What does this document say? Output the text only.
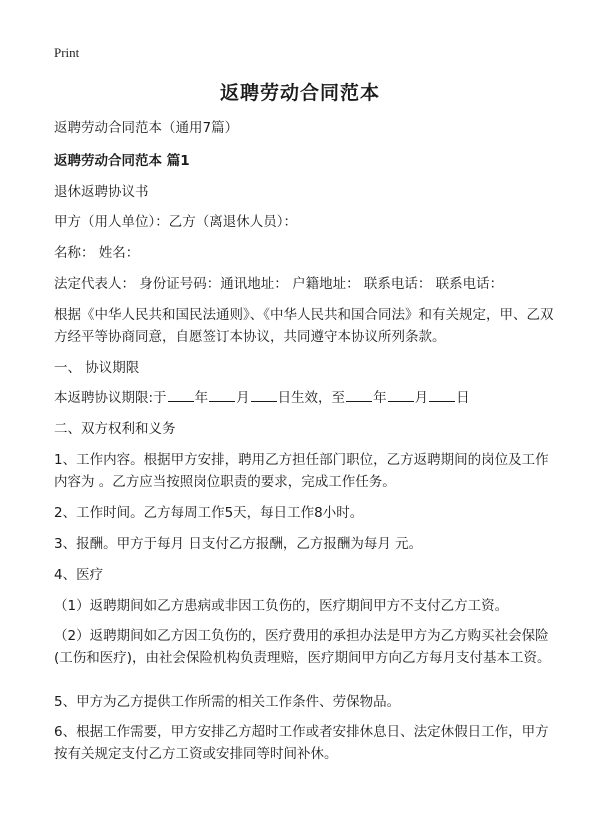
Print
返聘劳动合同范本

返聘劳动合同范本（通用7篇）

返聘劳动合同范本 篇1

退休返聘协议书

甲方（用人单位）：乙方（离退休人员）：

名称： 姓名：

法定代表人： 身份证号码：通讯地址： 户籍地址： 联系电话： 联系电话：

根据《中华人民共和国民法通则》、《中华人民共和国合同法》和有关规定，甲、乙双方经平等协商同意，自愿签订本协议，共同遵守本协议所列条款。

一、 协议期限

本返聘协议期限:于 年 月 日生效，至 年 月 日

二、双方权利和义务

1、工作内容。根据甲方安排，聘用乙方担任部门职位，乙方返聘期间的岗位及工作内容为 。乙方应当按照岗位职责的要求，完成工作任务。

2、工作时间。乙方每周工作5天，每日工作8小时。

3、报酬。甲方于每月 日支付乙方报酬，乙方报酬为每月 元。

4、医疗

（1）返聘期间如乙方患病或非因工负伤的，医疗期间甲方不支付乙方工资。

（2）返聘期间如乙方因工负伤的，医疗费用的承担办法是甲方为乙方购买社会保险(工伤和医疗)，由社会保险机构负责理赔，医疗期间甲方向乙方每月支付基本工资。

5、甲方为乙方提供工作所需的相关工作条件、劳保物品。

6、根据工作需要，甲方安排乙方超时工作或者安排休息日、法定休假日工作，甲方按有关规定支付乙方工资或安排同等时间补休。
